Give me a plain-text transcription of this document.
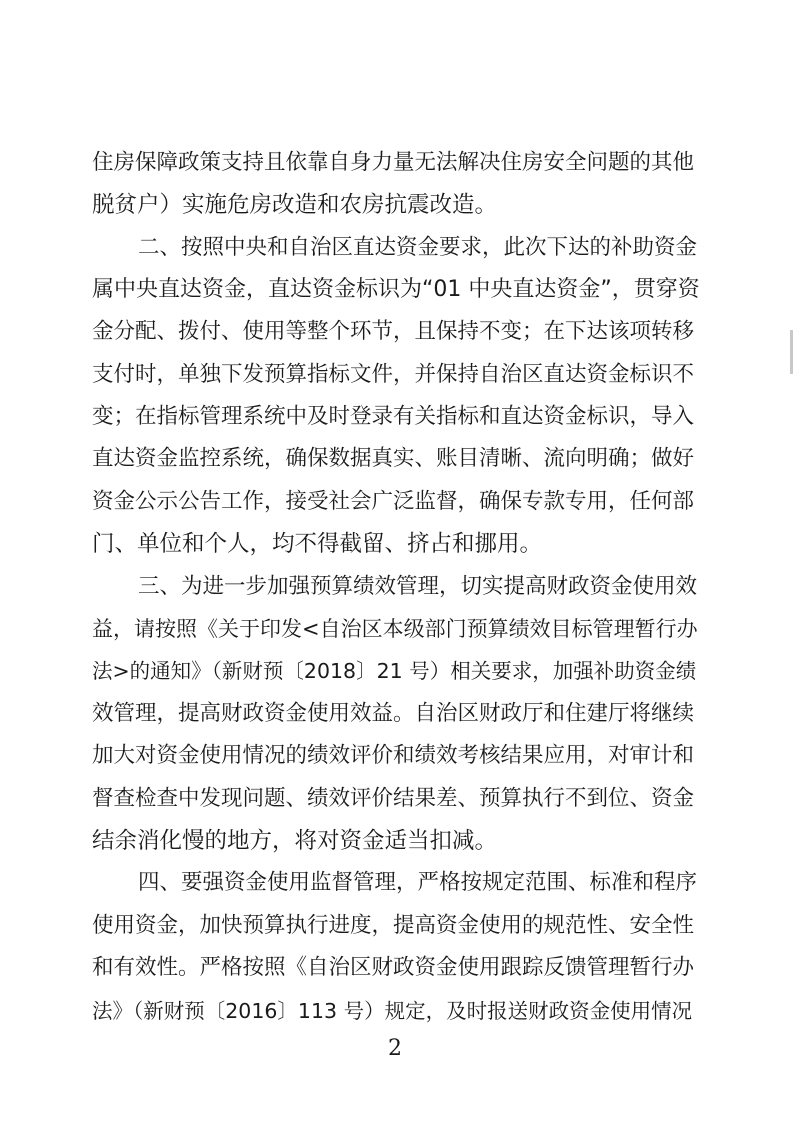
住房保障政策支持且依靠自身力量无法解决住房安全问题的其他
脱贫户）实施危房改造和农房抗震改造。
二、按照中央和自治区直达资金要求，此次下达的补助资金
属中央直达资金，直达资金标识为“01 中央直达资金”，贯穿资
金分配、拨付、使用等整个环节，且保持不变；在下达该项转移
支付时，单独下发预算指标文件，并保持自治区直达资金标识不
变；在指标管理系统中及时登录有关指标和直达资金标识，导入
直达资金监控系统，确保数据真实、账目清晰、流向明确；做好
资金公示公告工作，接受社会广泛监督，确保专款专用，任何部
门、单位和个人，均不得截留、挤占和挪用。
三、为进一步加强预算绩效管理，切实提高财政资金使用效
益，请按照《关于印发<自治区本级部门预算绩效目标管理暂行办
法>的通知》（新财预〔2018〕21 号）相关要求，加强补助资金绩
效管理，提高财政资金使用效益。自治区财政厅和住建厅将继续
加大对资金使用情况的绩效评价和绩效考核结果应用，对审计和
督查检查中发现问题、绩效评价结果差、预算执行不到位、资金
结余消化慢的地方，将对资金适当扣减。
四、要强资金使用监督管理，严格按规定范围、标准和程序
使用资金，加快预算执行进度，提高资金使用的规范性、安全性
和有效性。严格按照《自治区财政资金使用跟踪反馈管理暂行办
法》（新财预〔2016〕113 号）规定，及时报送财政资金使用情况
2
